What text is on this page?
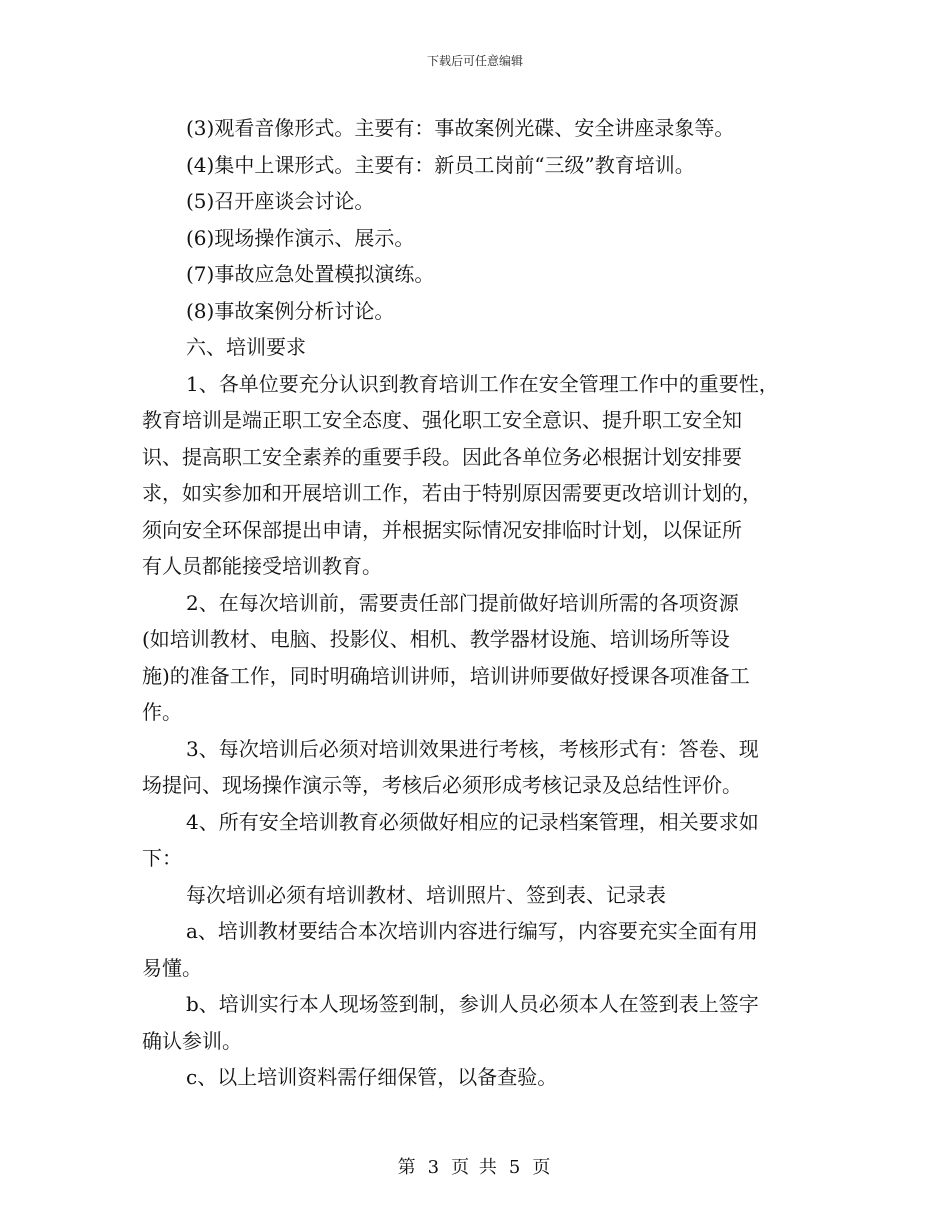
下载后可任意编辑
(3)观看音像形式。主要有：事故案例光碟、安全讲座录象等。
(4)集中上课形式。主要有：新员工岗前“三级”教育培训。
(5)召开座谈会讨论。
(6)现场操作演示、展示。
(7)事故应急处置模拟演练。
(8)事故案例分析讨论。
六、培训要求
1、各单位要充分认识到教育培训工作在安全管理工作中的重要性，
教育培训是端正职工安全态度、强化职工安全意识、提升职工安全知
识、提高职工安全素养的重要手段。因此各单位务必根据计划安排要
求，如实参加和开展培训工作，若由于特别原因需要更改培训计划的，
须向安全环保部提出申请，并根据实际情况安排临时计划，以保证所
有人员都能接受培训教育。
2、在每次培训前，需要责任部门提前做好培训所需的各项资源
(如培训教材、电脑、投影仪、相机、教学器材设施、培训场所等设
施)的准备工作，同时明确培训讲师，培训讲师要做好授课各项准备工
作。
3、每次培训后必须对培训效果进行考核，考核形式有：答卷、现
场提问、现场操作演示等，考核后必须形成考核记录及总结性评价。
4、所有安全培训教育必须做好相应的记录档案管理，相关要求如
下：
每次培训必须有培训教材、培训照片、签到表、记录表
a、培训教材要结合本次培训内容进行编写，内容要充实全面有用
易懂。
b、培训实行本人现场签到制，参训人员必须本人在签到表上签字
确认参训。
c、以上培训资料需仔细保管，以备查验。
第 3 页 共 5 页
